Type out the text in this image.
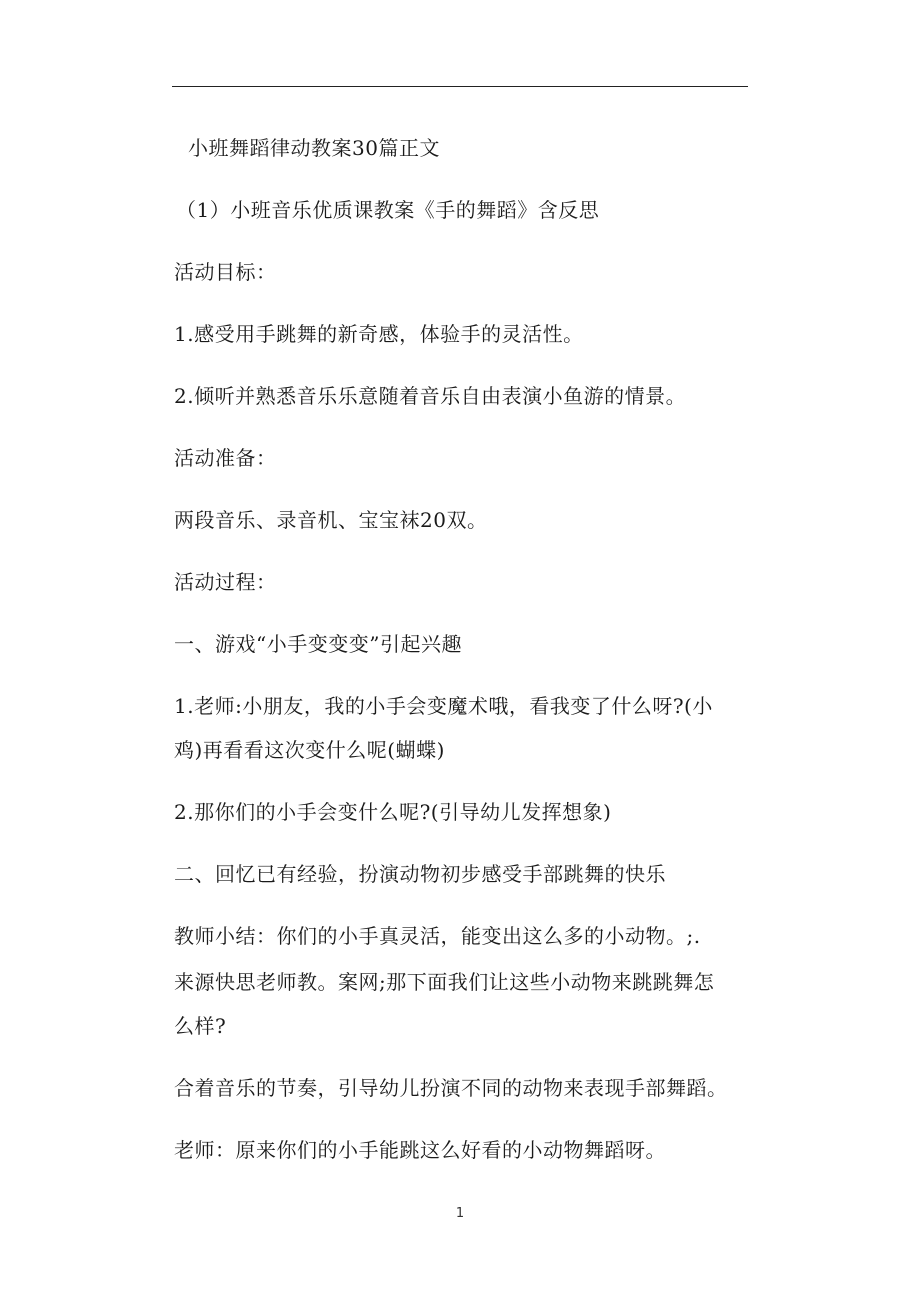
小班舞蹈律动教案30篇正文
（1）小班音乐优质课教案《手的舞蹈》含反思
活动目标：
1.感受用手跳舞的新奇感，体验手的灵活性。
2.倾听并熟悉音乐乐意随着音乐自由表演小鱼游的情景。
活动准备：
两段音乐、录音机、宝宝袜20双。
活动过程：
一、游戏“小手变变变”引起兴趣
1.老师:小朋友，我的小手会变魔术哦，看我变了什么呀?(小
鸡)再看看这次变什么呢(蝴蝶)
2.那你们的小手会变什么呢?(引导幼儿发挥想象)
二、回忆已有经验，扮演动物初步感受手部跳舞的快乐
教师小结：你们的小手真灵活，能变出这么多的小动物。;.
来源快思老师教。案网;那下面我们让这些小动物来跳跳舞怎
么样?
合着音乐的节奏，引导幼儿扮演不同的动物来表现手部舞蹈。
老师：原来你们的小手能跳这么好看的小动物舞蹈呀。
1
